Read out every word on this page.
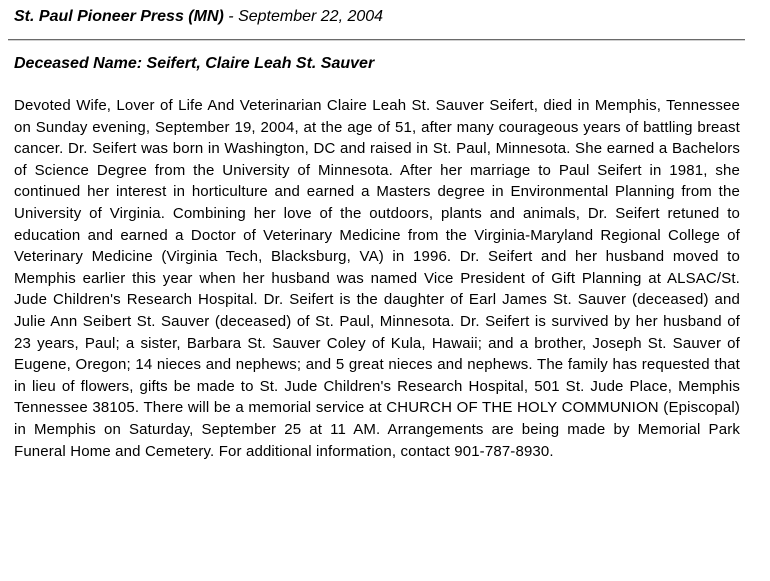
St. Paul Pioneer Press (MN) - September 22, 2004
Deceased Name: Seifert, Claire Leah St. Sauver
Devoted Wife, Lover of Life And Veterinarian Claire Leah St. Sauver Seifert, died in Memphis, Tennessee on Sunday evening, September 19, 2004, at the age of 51, after many courageous years of battling breast cancer. Dr. Seifert was born in Washington, DC and raised in St. Paul, Minnesota. She earned a Bachelors of Science Degree from the University of Minnesota. After her marriage to Paul Seifert in 1981, she continued her interest in horticulture and earned a Masters degree in Environmental Planning from the University of Virginia. Combining her love of the outdoors, plants and animals, Dr. Seifert retuned to education and earned a Doctor of Veterinary Medicine from the Virginia-Maryland Regional College of Veterinary Medicine (Virginia Tech, Blacksburg, VA) in 1996. Dr. Seifert and her husband moved to Memphis earlier this year when her husband was named Vice President of Gift Planning at ALSAC/St. Jude Children's Research Hospital. Dr. Seifert is the daughter of Earl James St. Sauver (deceased) and Julie Ann Seibert St. Sauver (deceased) of St. Paul, Minnesota. Dr. Seifert is survived by her husband of 23 years, Paul; a sister, Barbara St. Sauver Coley of Kula, Hawaii; and a brother, Joseph St. Sauver of Eugene, Oregon; 14 nieces and nephews; and 5 great nieces and nephews. The family has requested that in lieu of flowers, gifts be made to St. Jude Children's Research Hospital, 501 St. Jude Place, Memphis Tennessee 38105. There will be a memorial service at CHURCH OF THE HOLY COMMUNION (Episcopal) in Memphis on Saturday, September 25 at 11 AM. Arrangements are being made by Memorial Park Funeral Home and Cemetery. For additional information, contact 901-787-8930.
